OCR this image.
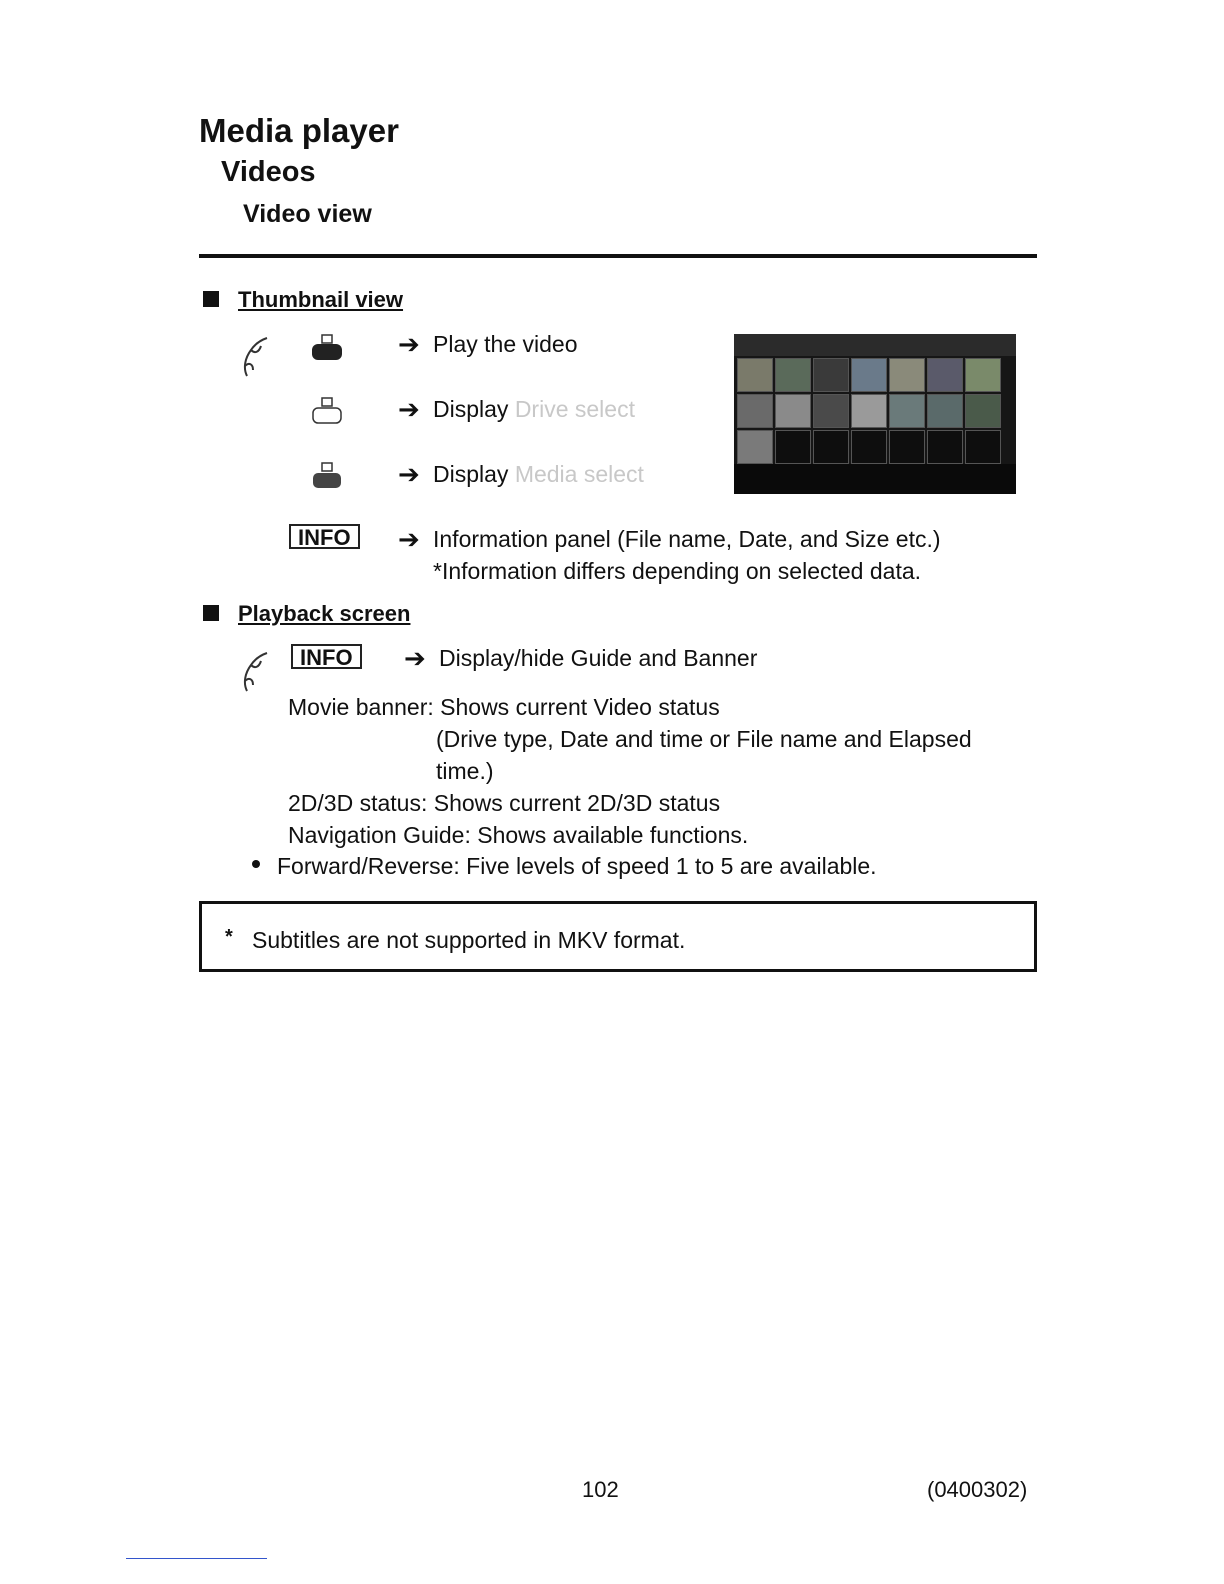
Media player
Videos
Video view
Thumbnail view
➔ Play the video
➔ Display Drive select
➔ Display Media select
INFO	➔ Information panel (File name, Date, and Size etc.)
*Information differs depending on selected data.
Playback screen
INFO	➔ Display/hide Guide and Banner
Movie banner: Shows current Video status
(Drive type, Date and time or File name and Elapsed
time.)
2D/3D status: Shows current 2D/3D status
Navigation Guide: Shows available functions.
Forward/Reverse: Five levels of speed 1 to 5 are available.
* Subtitles are not supported in MKV format.
102	(0400302)
